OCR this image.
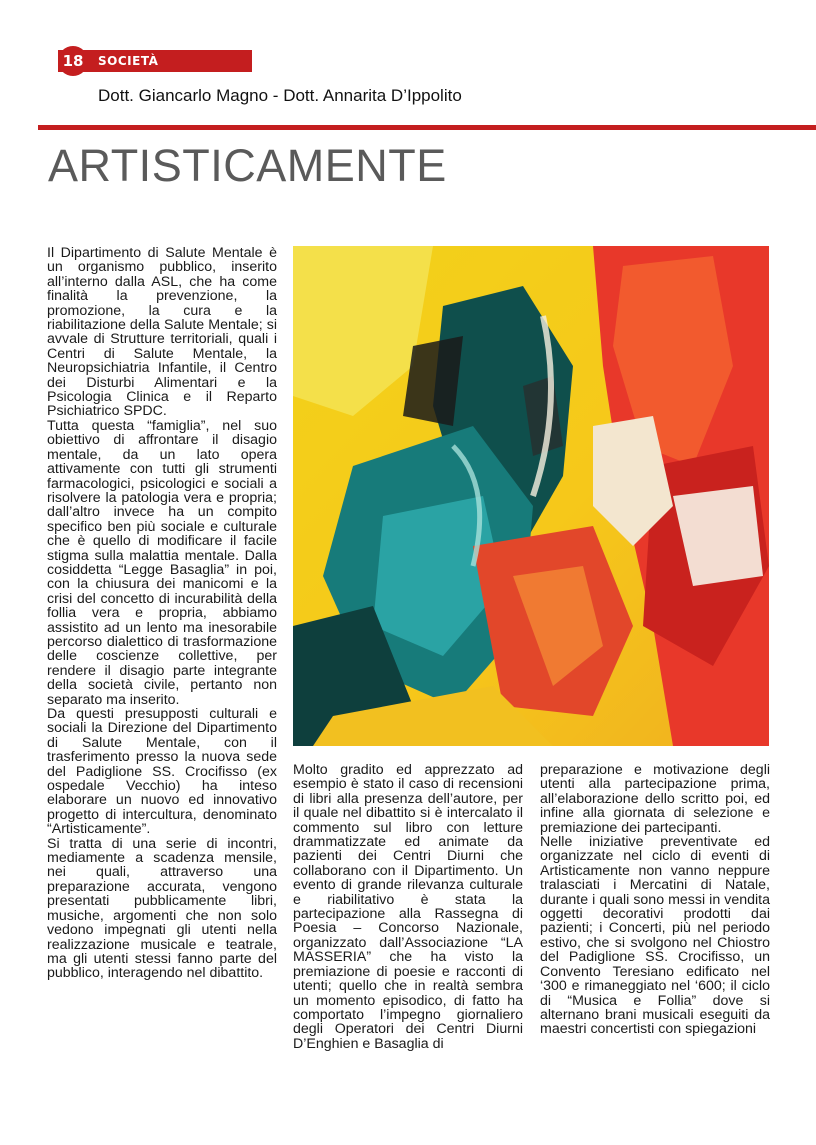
18	SOCIETÀ
Dott. Giancarlo Magno - Dott. Annarita D’Ippolito
ARTISTICAMENTE

Il Dipartimento di Salute Mentale è un organismo pubblico, inserito all’interno dalla ASL, che ha come finalità la prevenzione, la promozione, la cura e la riabilitazione della Salute Mentale; si avvale di Strutture territoriali, quali i Centri di Salute Mentale, la Neuropsichiatria Infantile, il Centro dei Disturbi Alimentari e la Psicologia Clinica e il Reparto Psichiatrico SPDC.

Tutta questa “famiglia”, nel suo obiettivo di affrontare il disagio mentale, da un lato opera attivamente con tutti gli strumenti farmacologici, psicologici e sociali a risolvere la patologia vera e propria; dall’altro invece ha un compito specifico ben più sociale e culturale che è quello di modificare il facile stigma sulla malattia mentale. Dalla cosiddetta “Legge Basaglia” in poi, con la chiusura dei manicomi e la crisi del concetto di incurabilità della follia vera e propria, abbiamo assistito ad un lento ma inesorabile percorso dialettico di trasformazione delle coscienze collettive, per rendere il disagio parte integrante della società civile, pertanto non separato ma inserito.

Da questi presupposti culturali e sociali la Direzione del Dipartimento di Salute Mentale, con il trasferimento presso la nuova sede del Padiglione SS. Crocifisso (ex ospedale Vecchio) ha inteso elaborare un nuovo ed innovativo progetto di intercultura, denominato “Artisticamente”.

Si tratta di una serie di incontri, mediamente a scadenza mensile, nei quali, attraverso una preparazione accurata, vengono presentati pubblicamente libri, musiche, argomenti che non solo vedono impegnati gli utenti nella realizzazione musicale e teatrale, ma gli utenti stessi fanno parte del pubblico, interagendo nel dibattito.

Molto gradito ed apprezzato ad esempio è stato il caso di recensioni di libri alla presenza dell’autore, per il quale nel dibattito si è intercalato il commento sul libro con letture drammatizzate ed animate da pazienti dei Centri Diurni che collaborano con il Dipartimento. Un evento di grande rilevanza culturale e riabilitativo è stata la partecipazione alla Rassegna di Poesia – Concorso Nazionale, organizzato dall’Associazione “LA MASSERIA” che ha visto la premiazione di poesie e racconti di utenti; quello che in realtà sembra un momento episodico, di fatto ha comportato l’impegno giornaliero degli Operatori dei Centri Diurni D’Enghien e Basaglia di

preparazione e motivazione degli utenti alla partecipazione prima, all’elaborazione dello scritto poi, ed infine alla giornata di selezione e premiazione dei partecipanti.

Nelle iniziative preventivate ed organizzate nel ciclo di eventi di Artisticamente non vanno neppure tralasciati i Mercatini di Natale, durante i quali sono messi in vendita oggetti decorativi prodotti dai pazienti; i Concerti, più nel periodo estivo, che si svolgono nel Chiostro del Padiglione SS. Crocifisso, un Convento Teresiano edificato nel ‘300 e rimaneggiato nel ‘600; il ciclo di “Musica e Follia” dove si alternano brani musicali eseguiti da maestri concertisti con spiegazioni
